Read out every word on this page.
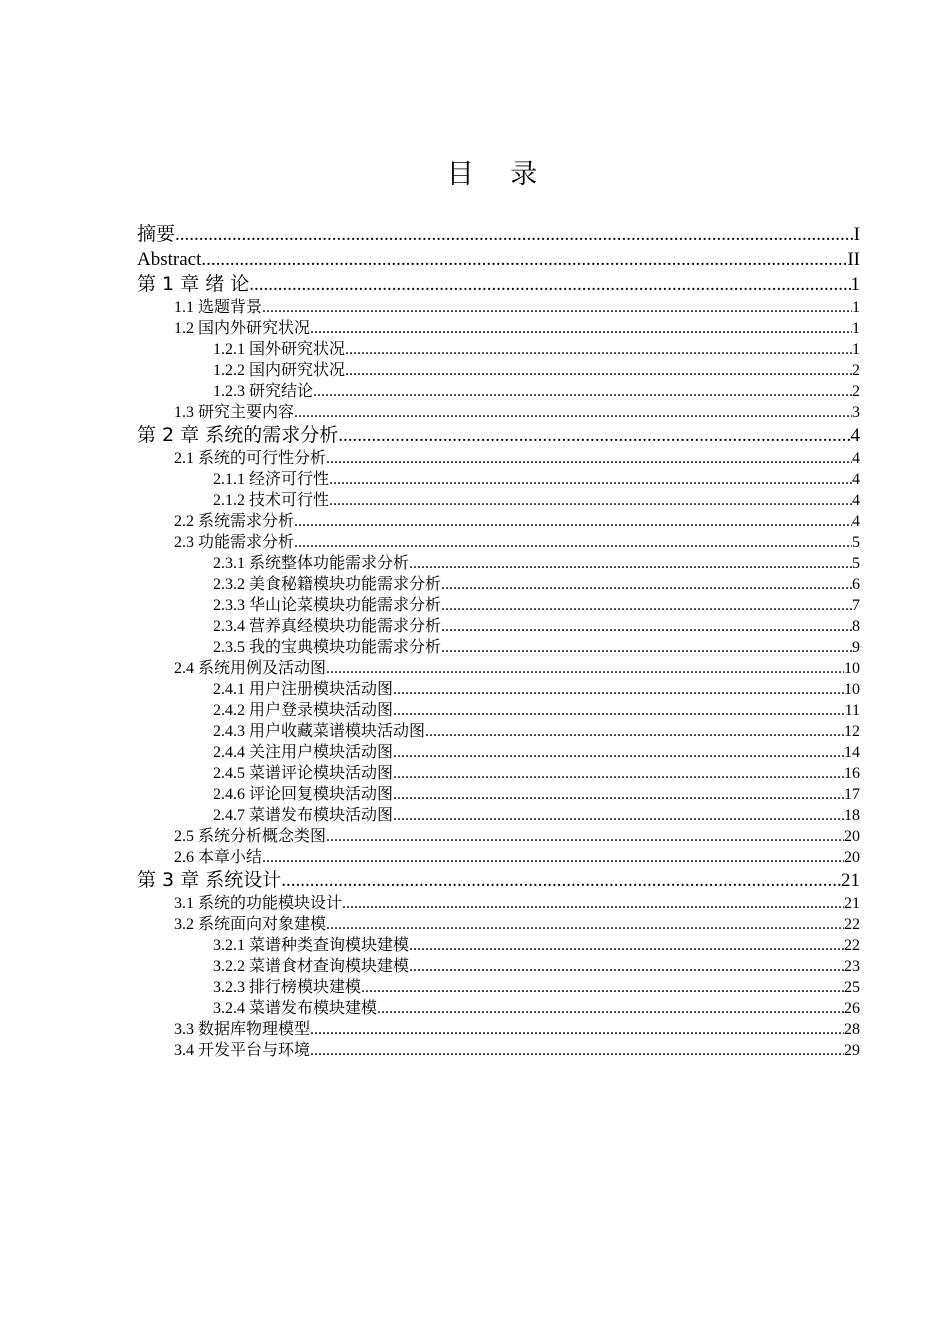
目 录
摘要 .....	I
Abstract .....	II
第 1 章 绪 论 .....	1
1.1 选题背景 .....	1
1.2 国内外研究状况 .....	1
1.2.1 国外研究状况 .....	1
1.2.2 国内研究状况 .....	2
1.2.3 研究结论 .....	2
1.3 研究主要内容 .....	3
第 2 章 系统的需求分析 .....	4
2.1 系统的可行性分析 .....	4
2.1.1 经济可行性 .....	4
2.1.2 技术可行性 .....	4
2.2 系统需求分析 .....	4
2.3 功能需求分析 .....	5
2.3.1 系统整体功能需求分析 .....	5
2.3.2 美食秘籍模块功能需求分析 .....	6
2.3.3 华山论菜模块功能需求分析 .....	7
2.3.4 营养真经模块功能需求分析 .....	8
2.3.5 我的宝典模块功能需求分析 .....	9
2.4 系统用例及活动图 .....	10
2.4.1 用户注册模块活动图 .....	10
2.4.2 用户登录模块活动图 .....	11
2.4.3 用户收藏菜谱模块活动图 .....	12
2.4.4 关注用户模块活动图 .....	14
2.4.5 菜谱评论模块活动图 .....	16
2.4.6 评论回复模块活动图 .....	17
2.4.7 菜谱发布模块活动图 .....	18
2.5 系统分析概念类图 .....	20
2.6 本章小结 .....	20
第 3 章 系统设计 .....	21
3.1 系统的功能模块设计 .....	21
3.2 系统面向对象建模 .....	22
3.2.1 菜谱种类查询模块建模 .....	22
3.2.2 菜谱食材查询模块建模 .....	23
3.2.3 排行榜模块建模 .....	25
3.2.4 菜谱发布模块建模 .....	26
3.3 数据库物理模型 .....	28
3.4 开发平台与环境 .....	29
